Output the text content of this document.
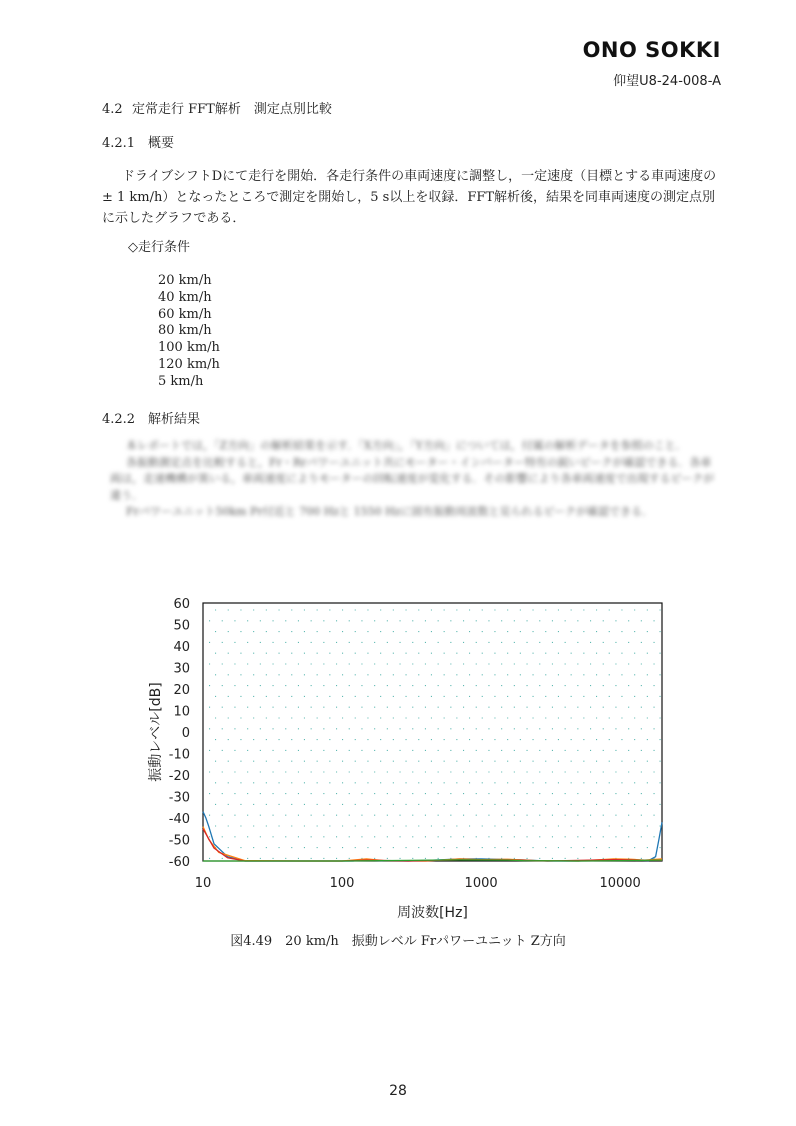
ONO SOKKI
仰望U8-24-008-A
4.2 定常走行 FFT解析　測定点別比較
4.2.1 概要
ドライブシフトDにて走行を開始．各走行条件の車両速度に調整し，一定速度（目標とする車両速度の± 1 km/h）となったところで測定を開始し，5 s以上を収録．FFT解析後，結果を同車両速度の測定点別に示したグラフである．
◇走行条件
20 km/h
40 km/h
60 km/h
80 km/h
100 km/h
120 km/h
5 km/h
4.2.2 解析結果
本レポートでは，「Z方向」の解析結果を示す．「X方向」，「Y方向」については，付属の解析データを参照のこと．
各振動測定点を比較すると，Fr・Rrパワーユニット共にモーター・インバーター特有の鋭いピークが確認できる．各車両は，走速機構が異いる，車両速度によりモーターの回転速度が変化する．その影響により各車両速度で出現するピークが違う．
Frパワーユニット50km Pr付近と 700 Hzと 1550 Hzに固有振動周波数と見られるピークが確認できる．
60
50
40
30
20
10
0
-10
-20
-30
-40
-50
-60
10	100	1000	10000
周波数[Hz]
振動レベル[dB]
図4.49　20 km/h　振動レベル Frパワーユニット Z方向
28
